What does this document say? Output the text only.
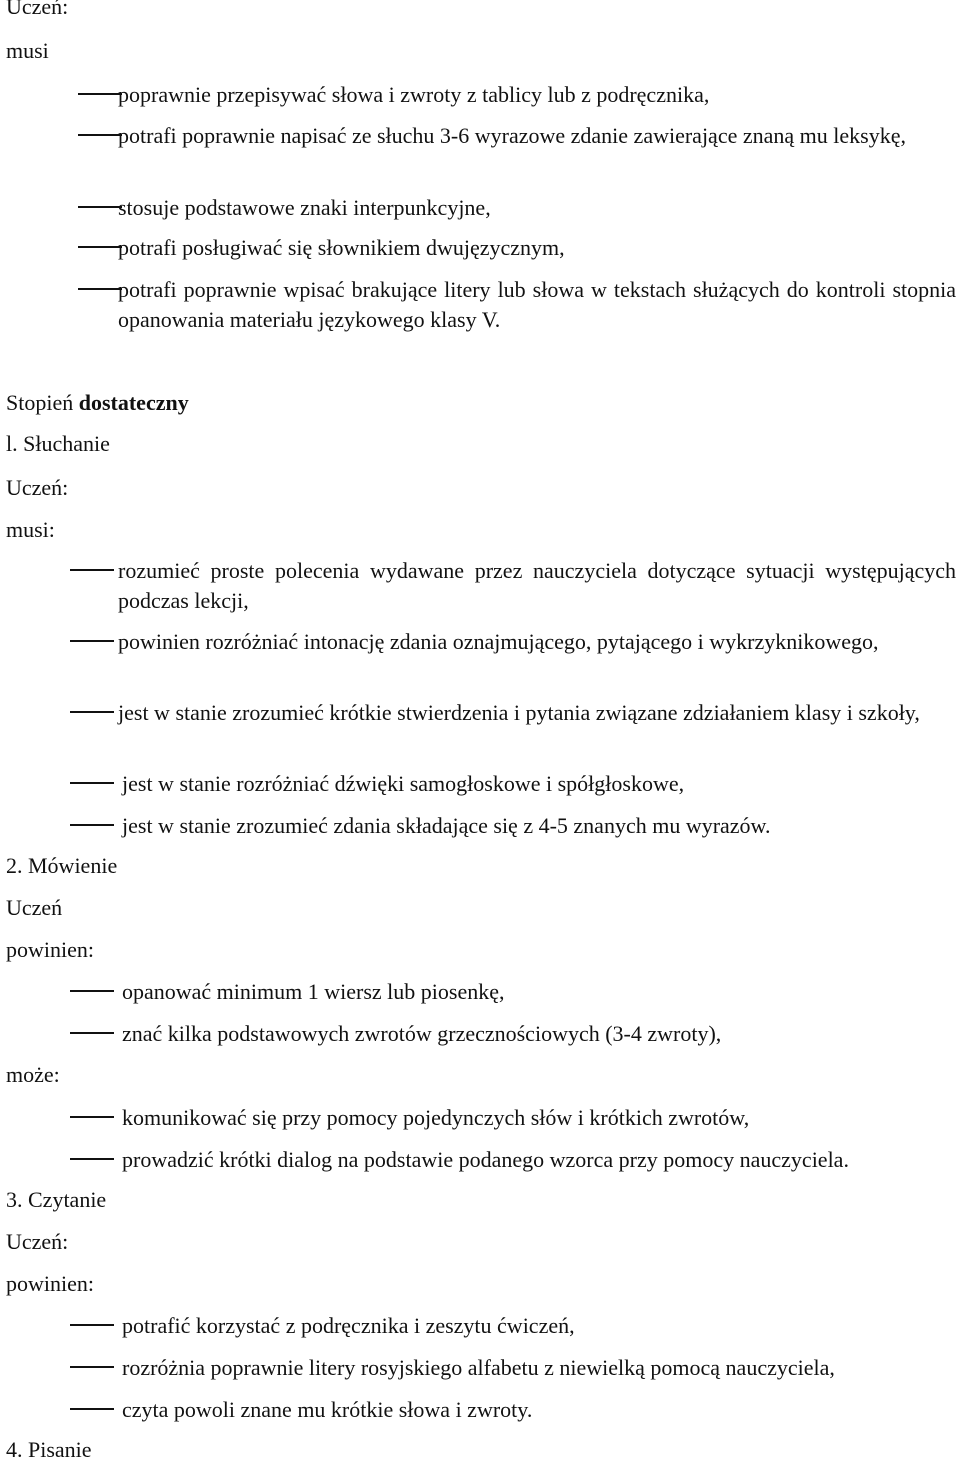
Uczeń:
musi
poprawnie przepisywać słowa i zwroty z tablicy lub z podręcznika,
potrafi poprawnie napisać ze słuchu 3-6 wyrazowe zdanie zawierające znaną mu leksykę,
stosuje podstawowe znaki interpunkcyjne,
potrafi posługiwać się słownikiem dwujęzycznym,
potrafi poprawnie wpisać brakujące litery lub słowa w tekstach służących do kontroli stopnia opanowania materiału językowego klasy V.
Stopień dostateczny
l. Słuchanie
Uczeń:
musi:
rozumieć proste polecenia wydawane przez nauczyciela dotyczące sytuacji występujących podczas lekcji,
powinien rozróżniać intonację zdania oznajmującego, pytającego i wykrzyknikowego,
jest w stanie zrozumieć krótkie stwierdzenia i pytania związane zdziałaniem klasy i szkoły,
jest w stanie rozróżniać dźwięki samogłoskowe i spółgłoskowe,
jest w stanie zrozumieć zdania składające się z 4-5 znanych mu wyrazów.
2. Mówienie
Uczeń
powinien:
opanować minimum 1 wiersz lub piosenkę,
znać kilka podstawowych zwrotów grzecznościowych (3-4 zwroty),
może:
komunikować się przy pomocy pojedynczych słów i krótkich zwrotów,
prowadzić krótki dialog na podstawie podanego wzorca przy pomocy nauczyciela.
3. Czytanie
Uczeń:
powinien:
potrafić korzystać z podręcznika i zeszytu ćwiczeń,
rozróżnia poprawnie litery rosyjskiego alfabetu z niewielką pomocą nauczyciela,
czyta powoli znane mu krótkie słowa i zwroty.
4. Pisanie
